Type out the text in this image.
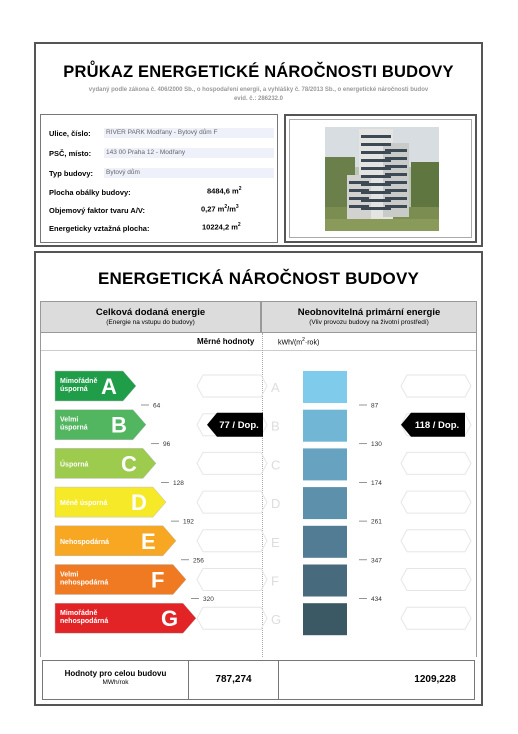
PRŮKAZ ENERGETICKÉ NÁROČNOSTI BUDOVY
vydaný podle zákona č. 406/2000 Sb., o hospodaření energií, a vyhlášky č. 78/2013 Sb., o energetické náročnosti budov
evid. č.: 286232.0
Ulice, číslo:	RIVER PARK Modřany - Bytový dům F
PSČ, místo:	143 00 Praha 12 - Modřany
Typ budovy:	Bytový dům
Plocha obálky budovy:	8484,6 $m^2$
Objemový faktor tvaru A/V:	0,27 $m^2/m^3$
Energeticky vztažná plocha:	10224,2 $m^2$
ENERGETICKÁ NÁROČNOST BUDOVY
Celková dodaná energie
(Energie na vstupu do budovy)
Neobnovitelná primární energie
(Vliv provozu budovy na životní prostředí)
Měrné hodnoty	kWh/$(m^2\cdot rok)$
Mimořádně
úsporná A	A
Velmi
úsporná B	B
Úsporná C	C
Méně úsporná D	D
Nehospodárná E	E
Velmi
nehospodárná F	F
Mimořádně
nehospodárná G	G
64
96
128
192
256
320
87
130
174
261
347
434
77 / Dop.	118 / Dop.
Hodnoty pro celou budovu
MWh/rok	787,274	1209,228
